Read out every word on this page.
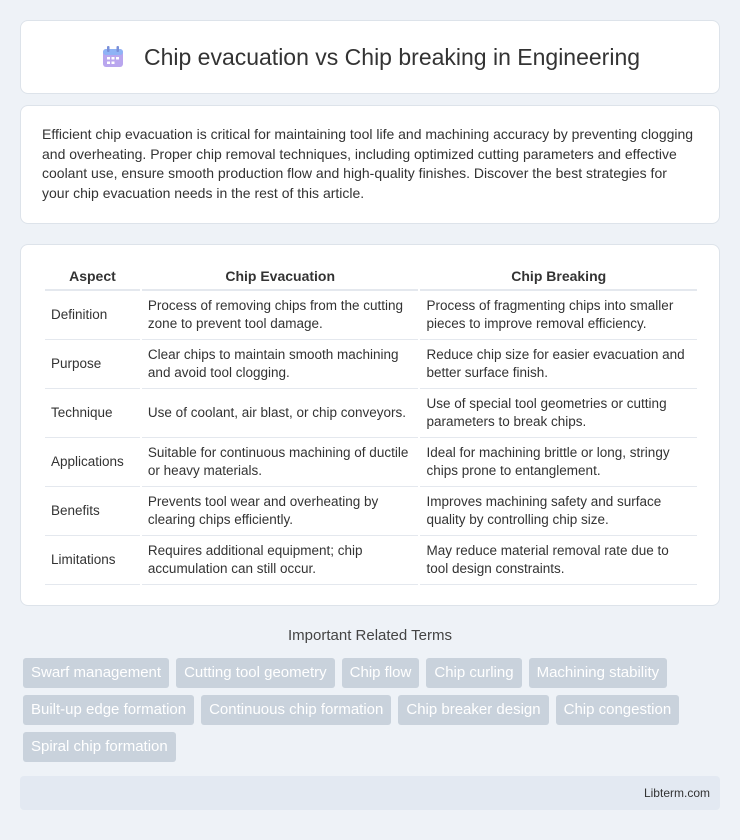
Chip evacuation vs Chip breaking in Engineering

Efficient chip evacuation is critical for maintaining tool life and machining accuracy by preventing clogging and overheating. Proper chip removal techniques, including optimized cutting parameters and effective coolant use, ensure smooth production flow and high-quality finishes. Discover the best strategies for your chip evacuation needs in the rest of this article.

Aspect	Chip Evacuation	Chip Breaking
Definition	Process of removing chips from the cutting zone to prevent tool damage.	Process of fragmenting chips into smaller pieces to improve removal efficiency.
Purpose	Clear chips to maintain smooth machining and avoid tool clogging.	Reduce chip size for easier evacuation and better surface finish.
Technique	Use of coolant, air blast, or chip conveyors.	Use of special tool geometries or cutting parameters to break chips.
Applications	Suitable for continuous machining of ductile or heavy materials.	Ideal for machining brittle or long, stringy chips prone to entanglement.
Benefits	Prevents tool wear and overheating by clearing chips efficiently.	Improves machining safety and surface quality by controlling chip size.
Limitations	Requires additional equipment; chip accumulation can still occur.	May reduce material removal rate due to tool design constraints.
Important Related Terms
Swarf management	Cutting tool geometry	Chip flow	Chip curling	Machining stability
Built-up edge formation	Continuous chip formation	Chip breaker design	Chip congestion
Spiral chip formation
Libterm.com
